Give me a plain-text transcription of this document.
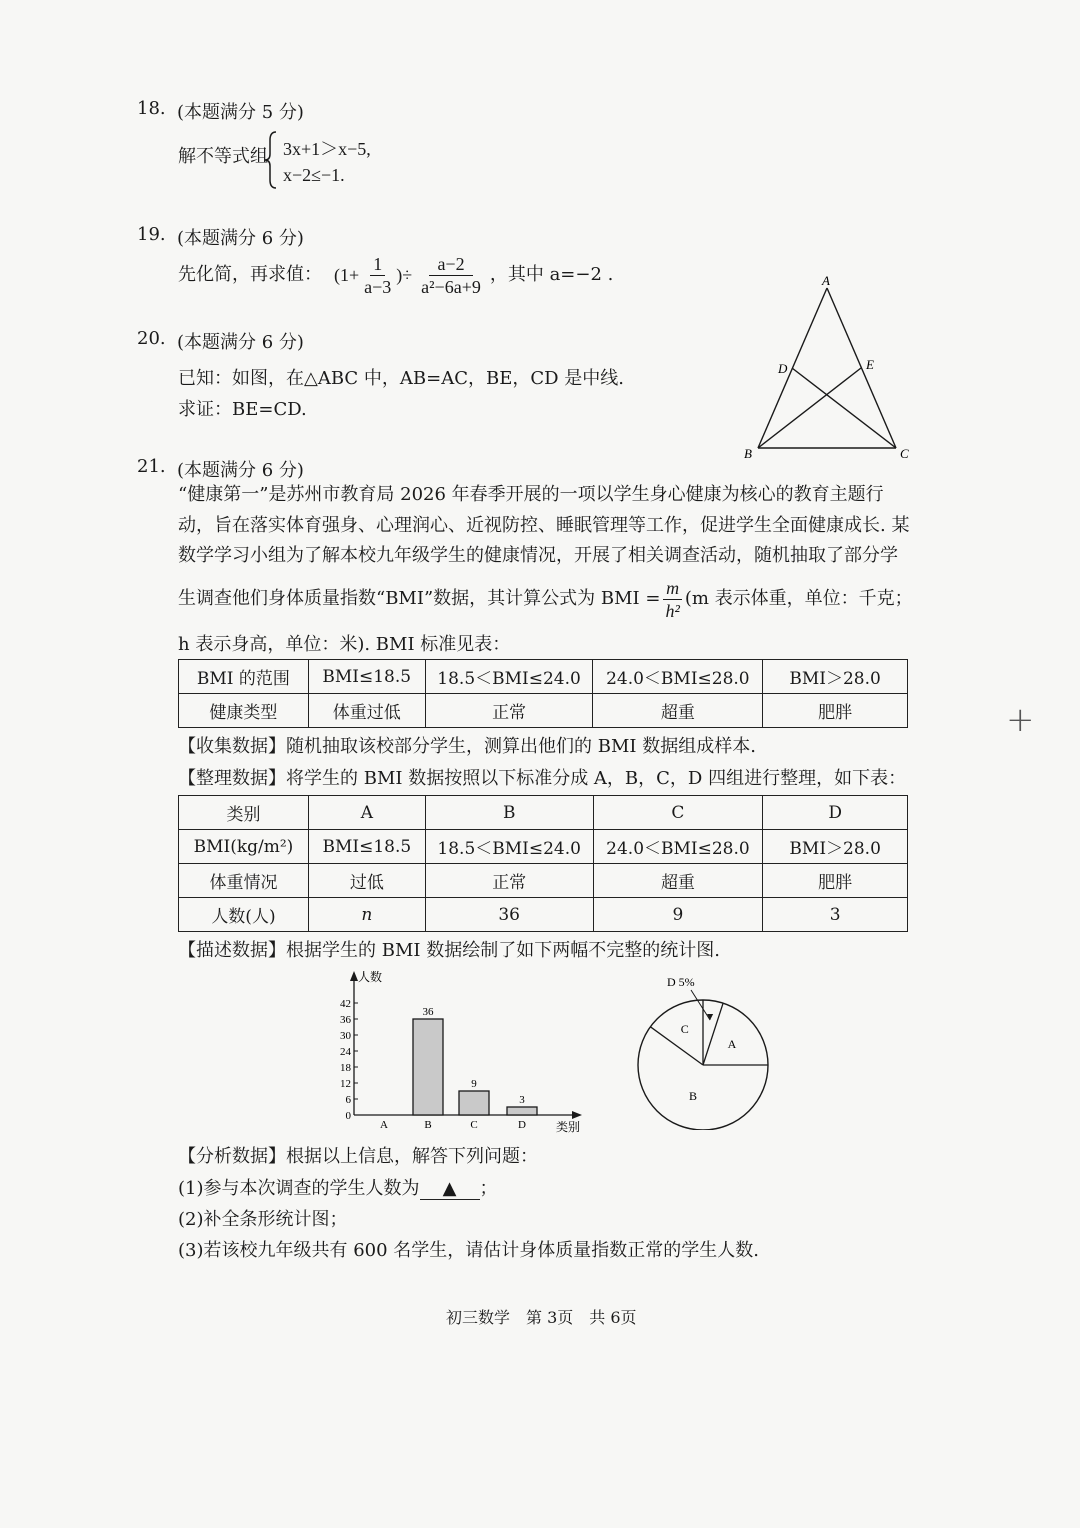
18. (本题满分 5 分)
解不等式组 3x+1＞x−5,
x−2≤−1.
19. (本题满分 6 分)
先化简，再求值： ($1+ \frac{1}{a-3}$ )÷ $\frac{a-2}{\text{a²−6a+9}}$ ，其中 a=−2 .
20. (本题满分 6 分)
已知：如图，在△ABC 中，AB=AC，BE，CD 是中线.
求证：BE=CD.
A
D	E
B	C
21. (本题满分 6 分)
“健康第一”是苏州市教育局 2026 年春季开展的一项以学生身心健康为核心的教育主题行
动，旨在落实体育强身、心理润心、近视防控、睡眠管理等工作，促进学生全面健康成长. 某
数学学习小组为了解本校九年级学生的健康情况，开展了相关调查活动，随机抽取了部分学
生调查他们身体质量指数“BMI”数据，其计算公式为 BMI = $\frac{m}{\text{h²}} (m$ 表示体重，单位：千克；
h 表示身高，单位：米). BMI 标准见表：
BMI 的范围	BMI≤18.5	18.5＜BMI≤24.0	24.0＜BMI≤28.0	BMI＞28.0
健康类型	体重过低	正常	超重	肥胖
【收集数据】随机抽取该校部分学生，测算出他们的 BMI 数据组成样本.
【整理数据】将学生的 BMI 数据按照以下标准分成 A，B，C，D 四组进行整理，如下表：
类别	A	B	C	D
BMI(kg/m²)	BMI≤18.5	18.5＜BMI≤24.0	24.0＜BMI≤28.0	BMI＞28.0
体重情况	过低	正常	超重	肥胖
人数(人)	n	36	9	3
【描述数据】根据学生的 BMI 数据绘制了如下两幅不完整的统计图.
人数
类别
0
6
12
18
24
30
36
42
A
36
B
9
C
3
D
A
B
C
D 5%
【分析数据】根据以上信息，解答下列问题：
(1)参与本次调查的学生人数为 ▲ ；
(2)补全条形统计图；
(3)若该校九年级共有 600 名学生，请估计身体质量指数正常的学生人数.
初三数学　第 3页　共 6页
+
